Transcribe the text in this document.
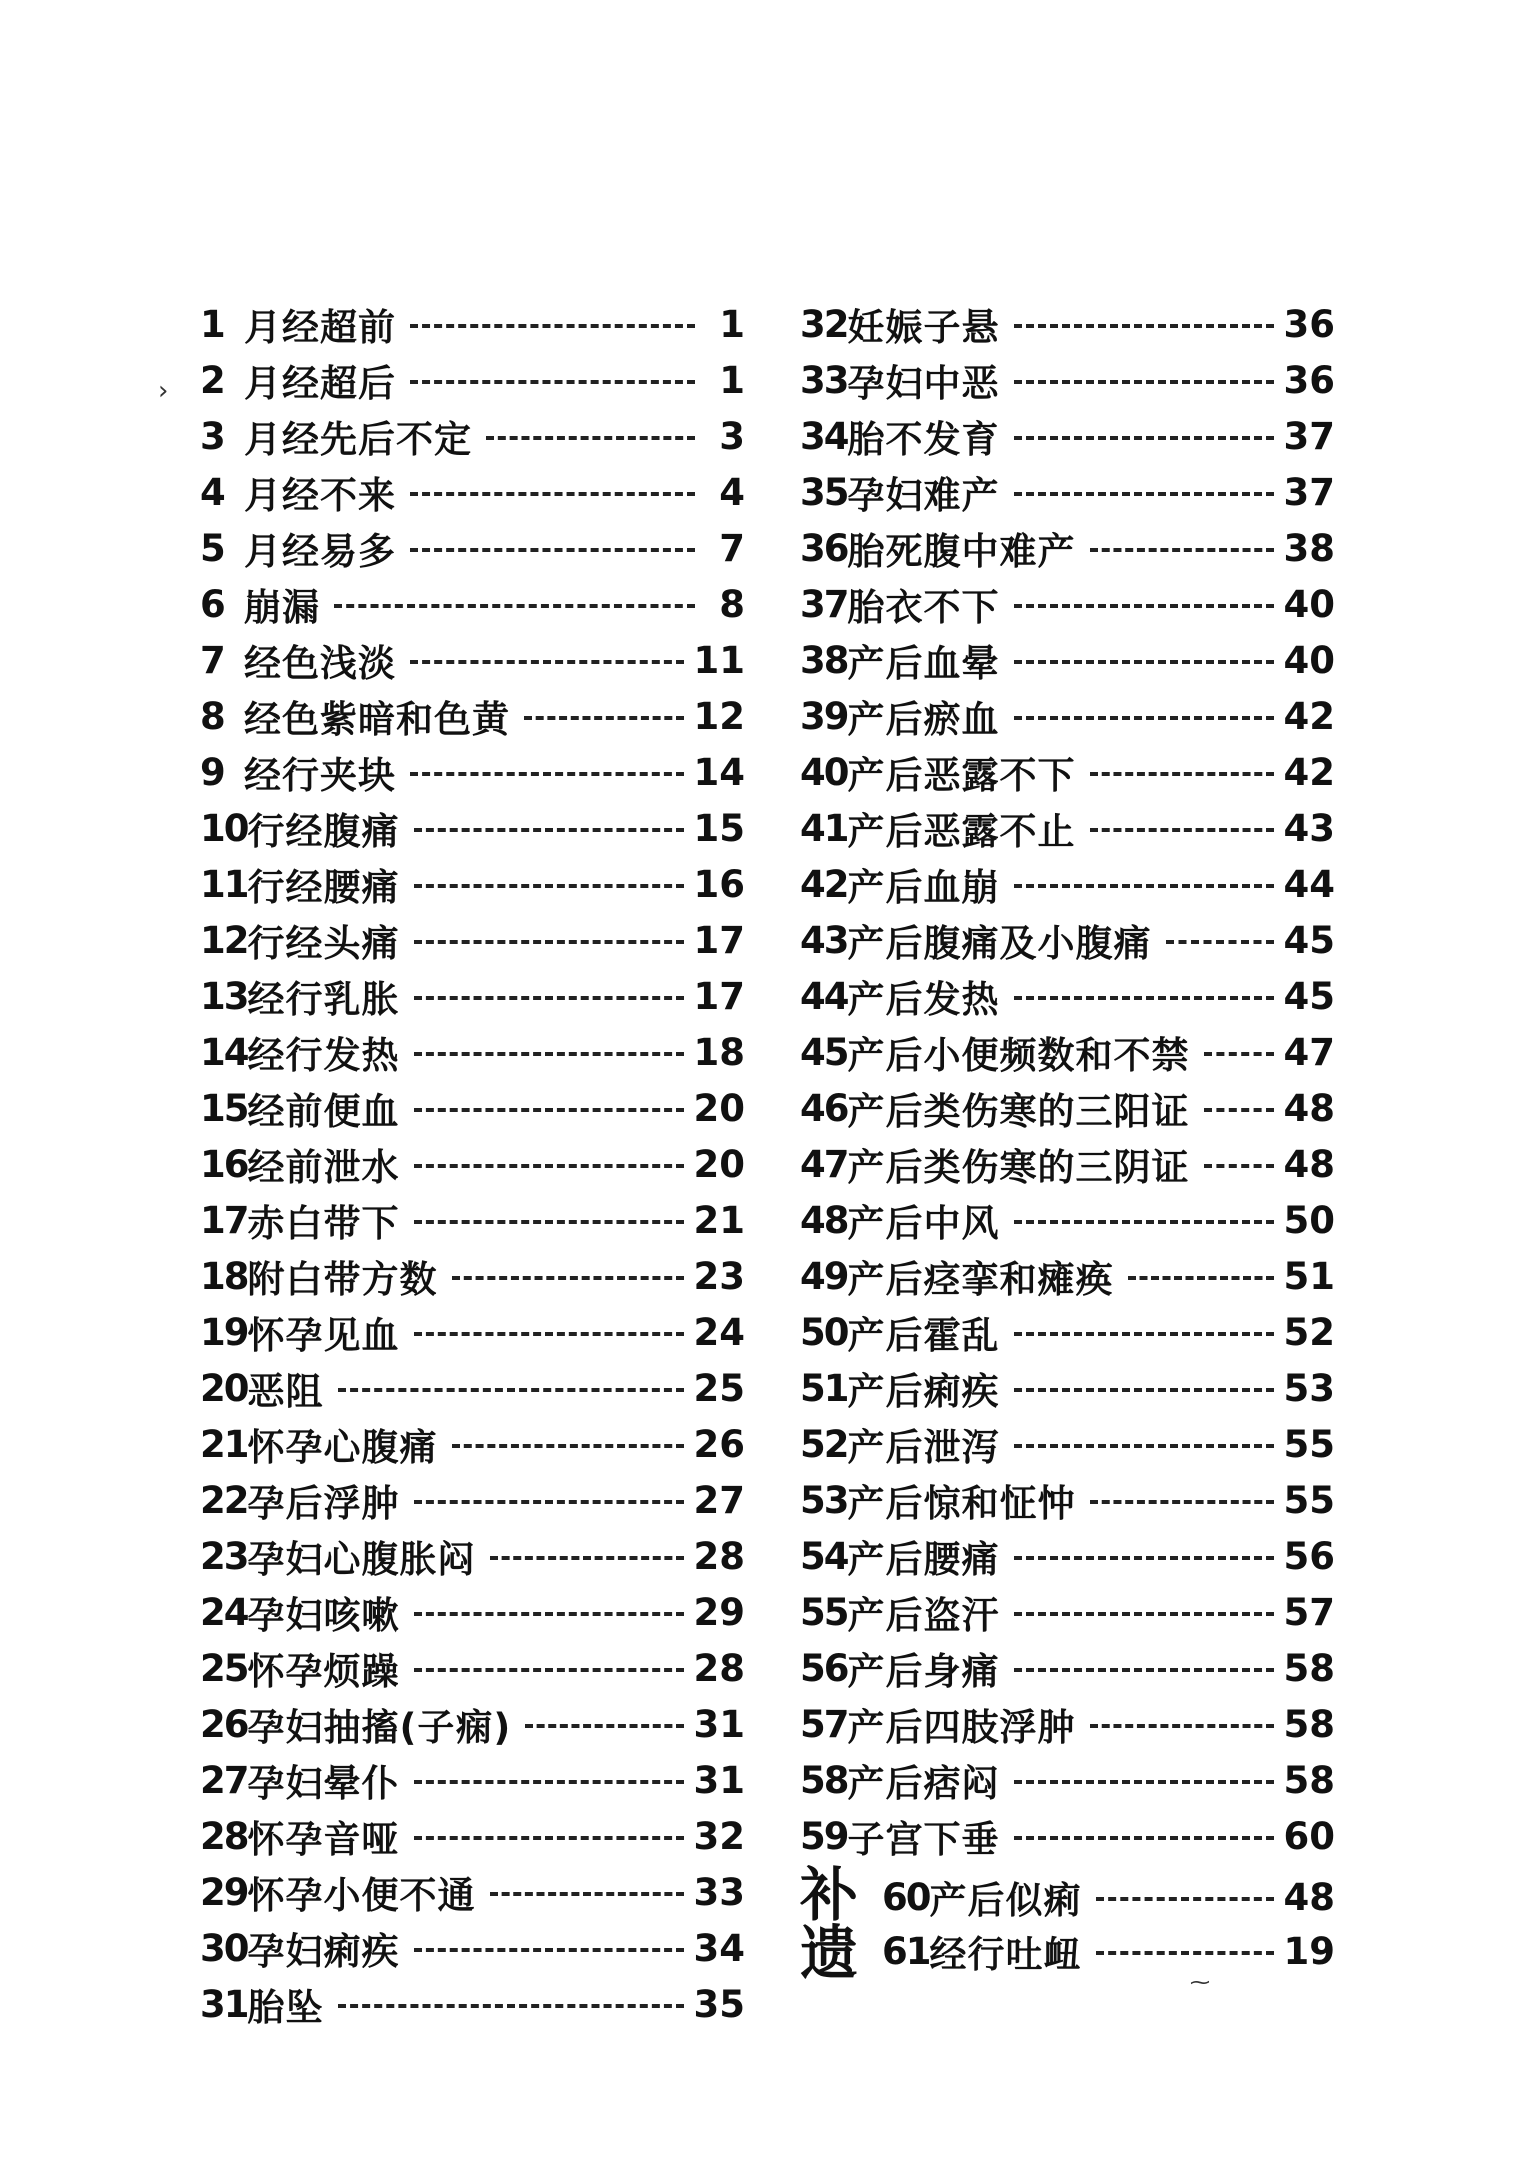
1 月经超前	1
2 月经超后	1
3 月经先后不定	3
4 月经不来	4
5 月经易多	7
6 崩漏	8
7 经色浅淡	11
8 经色紫暗和色黄	12
9 经行夹块	14
10 行经腹痛	15
11 行经腰痛	16
12 行经头痛	17
13 经行乳胀	17
14 经行发热	18
15 经前便血	20
16 经前泄水	20
17 赤白带下	21
18 附白带方数	23
19 怀孕见血	24
20 恶阻	25
21 怀孕心腹痛	26
22 孕后浮肿	27
23 孕妇心腹胀闷	28
24 孕妇咳嗽	29
25 怀孕烦躁	28
26 孕妇抽搐(子痫)	31
27 孕妇晕仆	31
28 怀孕音哑	32
29 怀孕小便不通	33
30 孕妇痢疾	34
31 胎坠	35
32 妊娠子悬	36
33 孕妇中恶	36
34 胎不发育	37
35 孕妇难产	37
36 胎死腹中难产	38
37 胎衣不下	40
38 产后血晕	40
39 产后瘀血	42
40 产后恶露不下	42
41 产后恶露不止	43
42 产后血崩	44
43 产后腹痛及小腹痛	45
44 产后发热	45
45 产后小便频数和不禁	47
46 产后类伤寒的三阳证	48
47 产后类伤寒的三阴证	48
48 产后中风	50
49 产后痉挛和瘫痪	51
50 产后霍乱	52
51 产后痢疾	53
52 产后泄泻	55
53 产后惊和怔忡	55
54 产后腰痛	56
55 产后盗汗	57
56 产后身痛	58
57 产后四肢浮肿	58
58 产后痞闷	58
59 子宫下垂	60
补遗
60 产后似痢	48
61 经行吐衄	19
›
⁓
